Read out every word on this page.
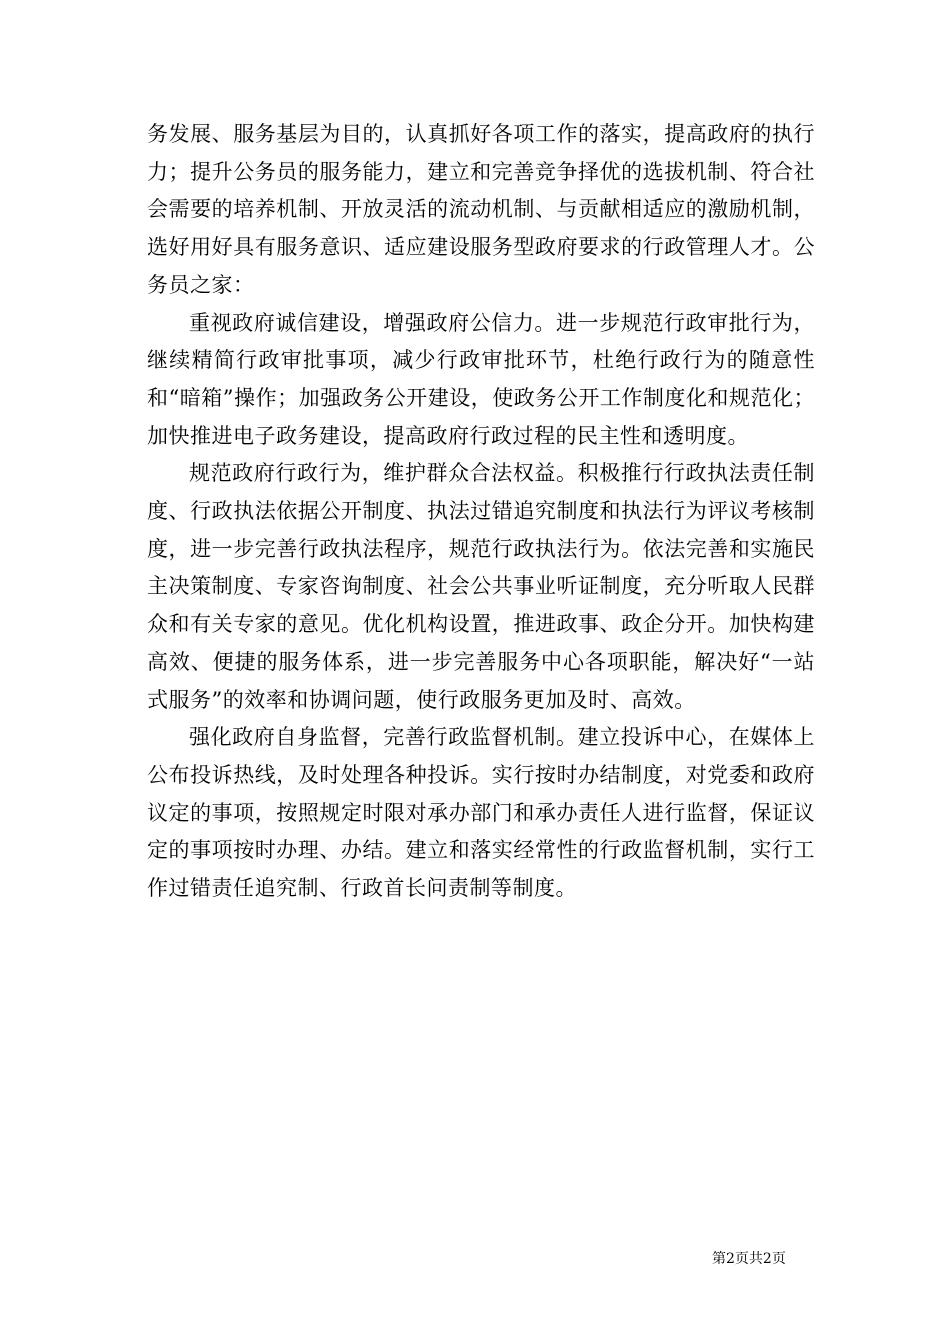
务发展、服务基层为目的，认真抓好各项工作的落实，提高政府的执行力；提升公务员的服务能力，建立和完善竞争择优的选拔机制、符合社会需要的培养机制、开放灵活的流动机制、与贡献相适应的激励机制，选好用好具有服务意识、适应建设服务型政府要求的行政管理人才。公务员之家：

重视政府诚信建设，增强政府公信力。进一步规范行政审批行为，继续精简行政审批事项，减少行政审批环节，杜绝行政行为的随意性和“暗箱”操作；加强政务公开建设，使政务公开工作制度化和规范化；加快推进电子政务建设，提高政府行政过程的民主性和透明度。

规范政府行政行为，维护群众合法权益。积极推行行政执法责任制度、行政执法依据公开制度、执法过错追究制度和执法行为评议考核制度，进一步完善行政执法程序，规范行政执法行为。依法完善和实施民主决策制度、专家咨询制度、社会公共事业听证制度，充分听取人民群众和有关专家的意见。优化机构设置，推进政事、政企分开。加快构建高效、便捷的服务体系，进一步完善服务中心各项职能，解决好“一站式服务”的效率和协调问题，使行政服务更加及时、高效。

强化政府自身监督，完善行政监督机制。建立投诉中心，在媒体上公布投诉热线，及时处理各种投诉。实行按时办结制度，对党委和政府议定的事项，按照规定时限对承办部门和承办责任人进行监督，保证议定的事项按时办理、办结。建立和落实经常性的行政监督机制，实行工作过错责任追究制、行政首长问责制等制度。

第2页共2页
